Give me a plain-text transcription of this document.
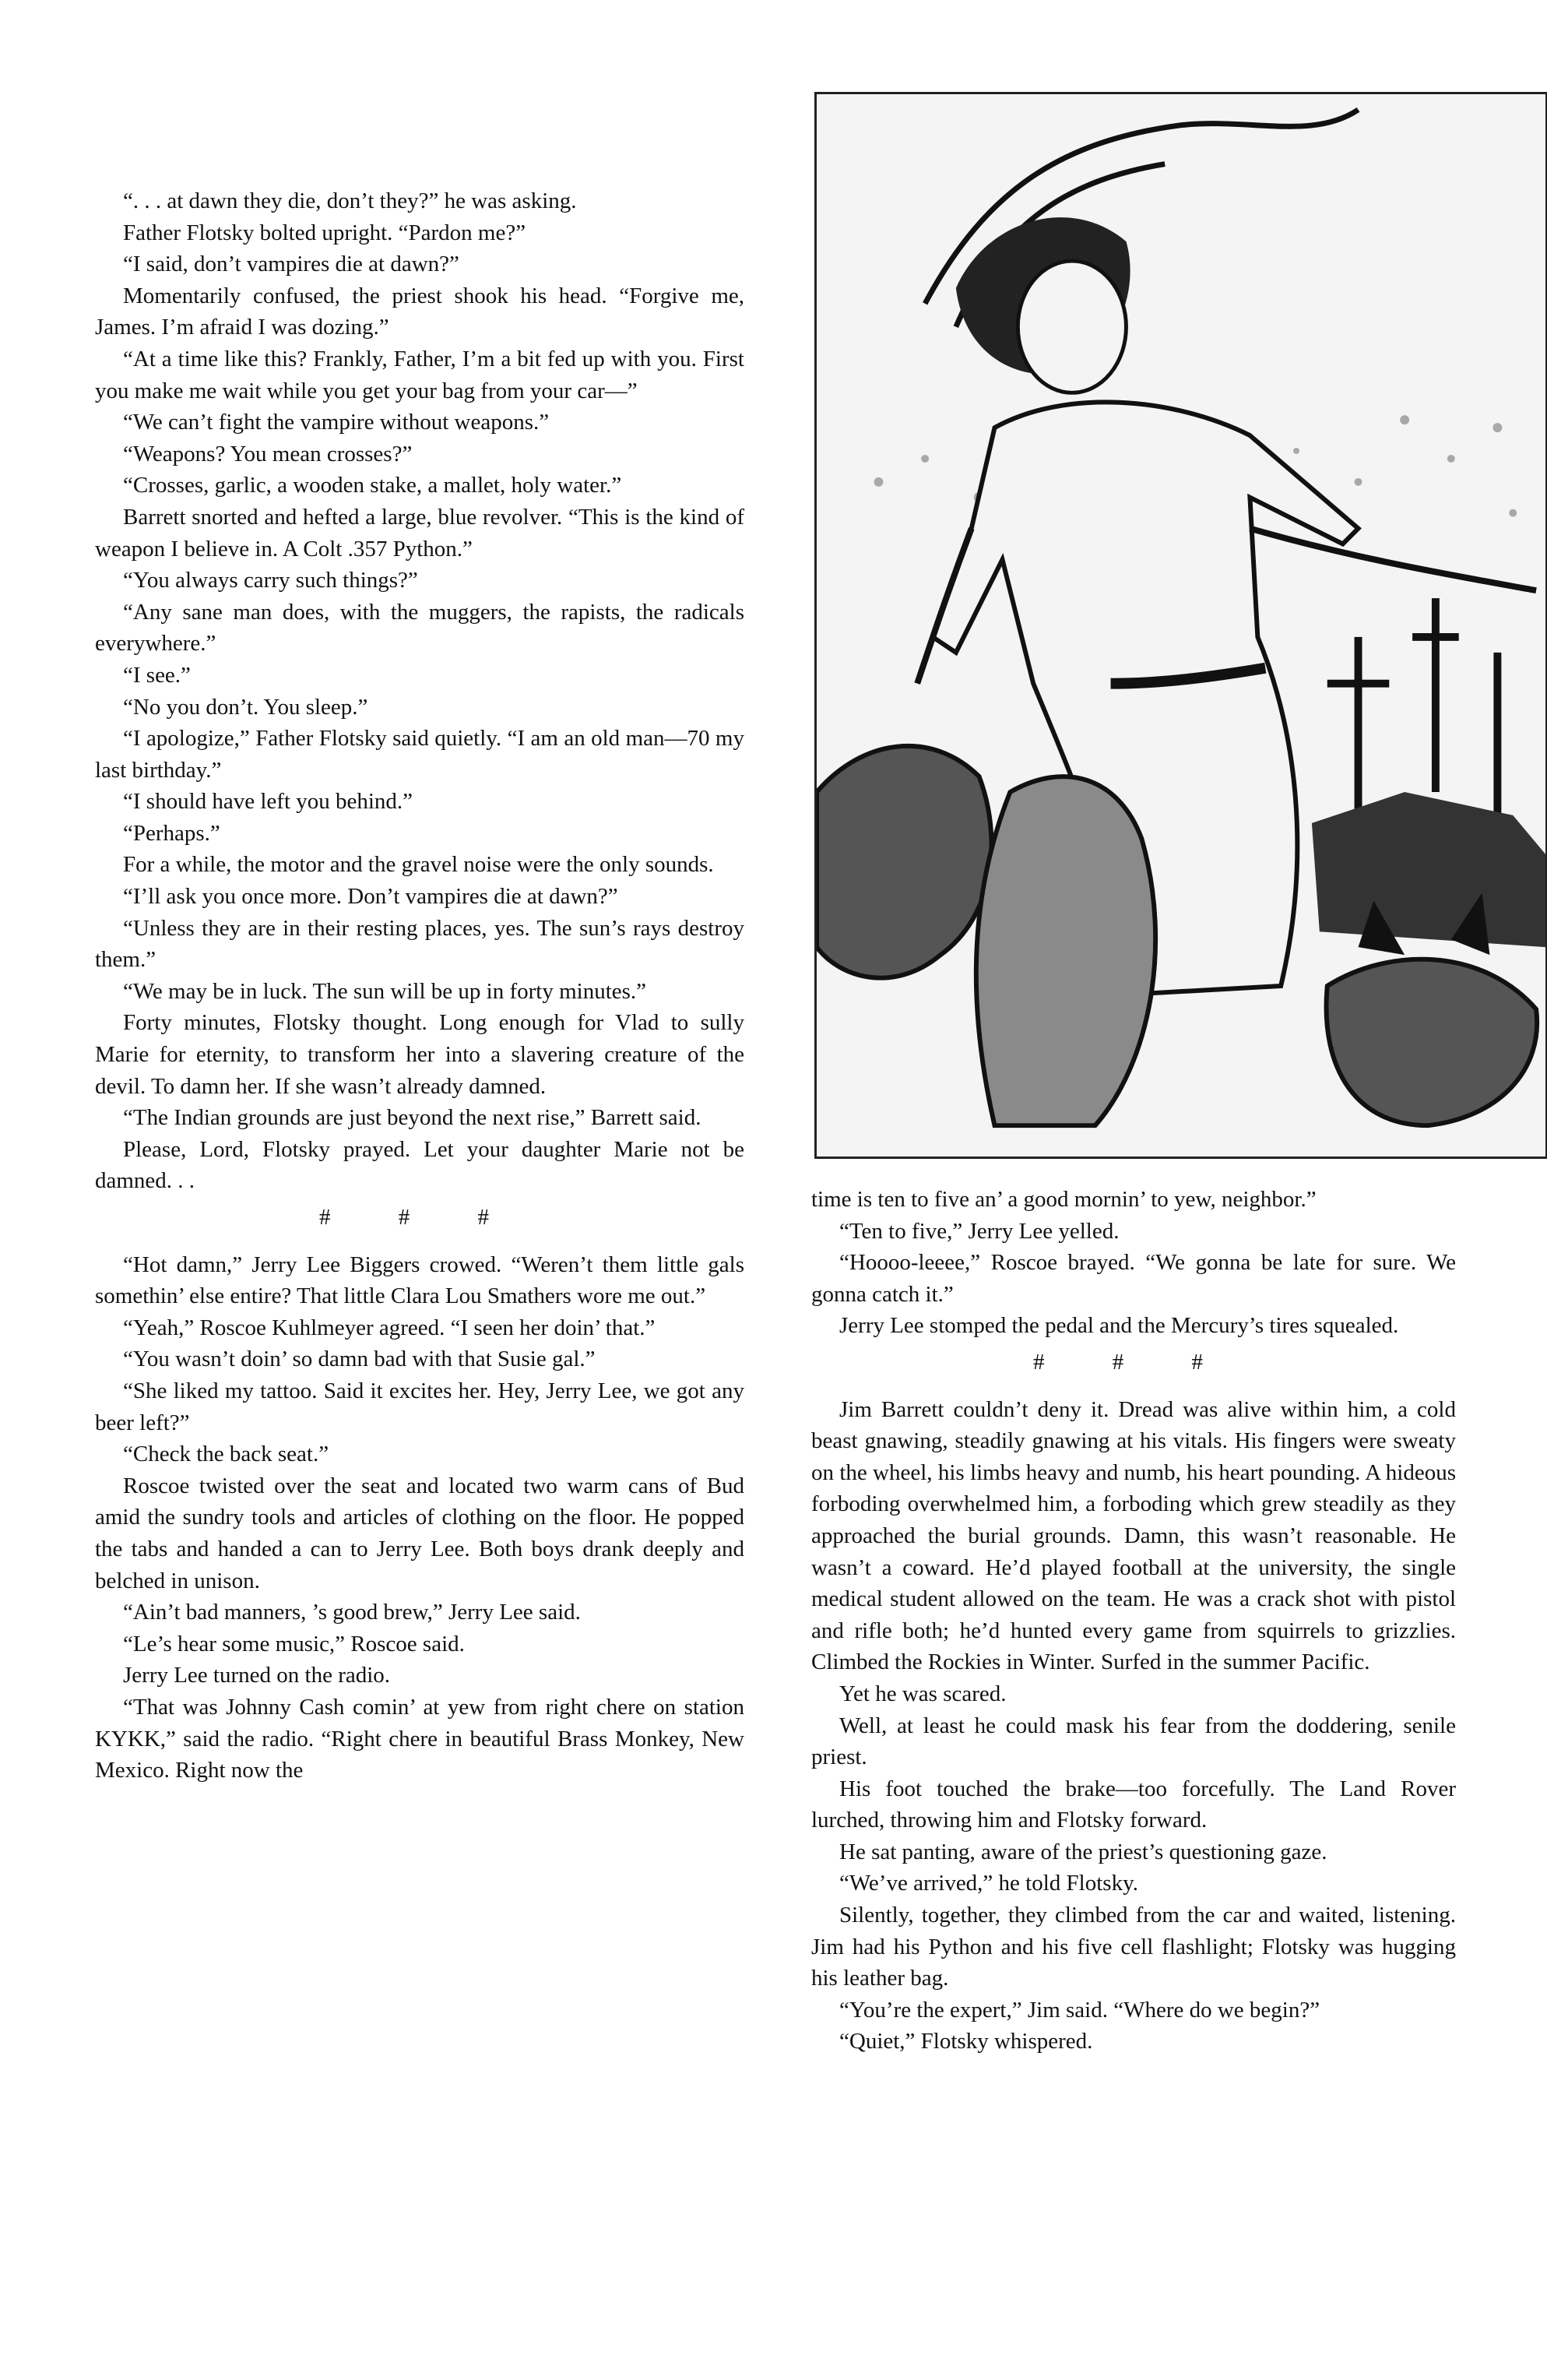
“. . . at dawn they die, don’t they?” he was asking.

Father Flotsky bolted upright. “Pardon me?”

“I said, don’t vampires die at dawn?”

Momentarily confused, the priest shook his head. “Forgive me, James. I’m afraid I was dozing.”

“At a time like this? Frankly, Father, I’m a bit fed up with you. First you make me wait while you get your bag from your car—”

“We can’t fight the vampire without weapons.”

“Weapons? You mean crosses?”

“Crosses, garlic, a wooden stake, a mallet, holy water.”

Barrett snorted and hefted a large, blue revolver. “This is the kind of weapon I believe in. A Colt .357 Python.”

“You always carry such things?”

“Any sane man does, with the muggers, the rapists, the radicals everywhere.”

“I see.”

“No you don’t. You sleep.”

“I apologize,” Father Flotsky said quietly. “I am an old man—70 my last birthday.”

“I should have left you behind.”

“Perhaps.”

For a while, the motor and the gravel noise were the only sounds.

“I’ll ask you once more. Don’t vampires die at dawn?”

“Unless they are in their resting places, yes. The sun’s rays destroy them.”

“We may be in luck. The sun will be up in forty minutes.”

Forty minutes, Flotsky thought. Long enough for Vlad to sully Marie for eternity, to transform her into a slavering creature of the devil. To damn her. If she wasn’t already damned.

“The Indian grounds are just beyond the next rise,” Barrett said.

Please, Lord, Flotsky prayed. Let your daughter Marie not be damned. . .

# # #

“Hot damn,” Jerry Lee Biggers crowed. “Weren’t them little gals somethin’ else entire? That little Clara Lou Smathers wore me out.”

“Yeah,” Roscoe Kuhlmeyer agreed. “I seen her doin’ that.”

“You wasn’t doin’ so damn bad with that Susie gal.”

“She liked my tattoo. Said it excites her. Hey, Jerry Lee, we got any beer left?”

“Check the back seat.”

Roscoe twisted over the seat and located two warm cans of Bud amid the sundry tools and articles of clothing on the floor. He popped the tabs and handed a can to Jerry Lee. Both boys drank deeply and belched in unison.

“Ain’t bad manners, ’s good brew,” Jerry Lee said.

“Le’s hear some music,” Roscoe said.

Jerry Lee turned on the radio.

“That was Johnny Cash comin’ at yew from right chere on station KYKK,” said the radio. “Right chere in beautiful Brass Monkey, New Mexico. Right now the

time is ten to five an’ a good mornin’ to yew, neighbor.”

“Ten to five,” Jerry Lee yelled.

“Hoooo-leeee,” Roscoe brayed. “We gonna be late for sure. We gonna catch it.”

Jerry Lee stomped the pedal and the Mercury’s tires squealed.

# # #

Jim Barrett couldn’t deny it. Dread was alive within him, a cold beast gnawing, steadily gnawing at his vitals. His fingers were sweaty on the wheel, his limbs heavy and numb, his heart pounding. A hideous forboding overwhelmed him, a forboding which grew steadily as they approached the burial grounds. Damn, this wasn’t reasonable. He wasn’t a coward. He’d played football at the university, the single medical student allowed on the team. He was a crack shot with pistol and rifle both; he’d hunted every game from squirrels to grizzlies. Climbed the Rockies in Winter. Surfed in the summer Pacific.

Yet he was scared.

Well, at least he could mask his fear from the doddering, senile priest.

His foot touched the brake—too forcefully. The Land Rover lurched, throwing him and Flotsky forward.

He sat panting, aware of the priest’s questioning gaze.

“We’ve arrived,” he told Flotsky.

Silently, together, they climbed from the car and waited, listening. Jim had his Python and his five cell flashlight; Flotsky was hugging his leather bag.

“You’re the expert,” Jim said. “Where do we begin?”

“Quiet,” Flotsky whispered.
